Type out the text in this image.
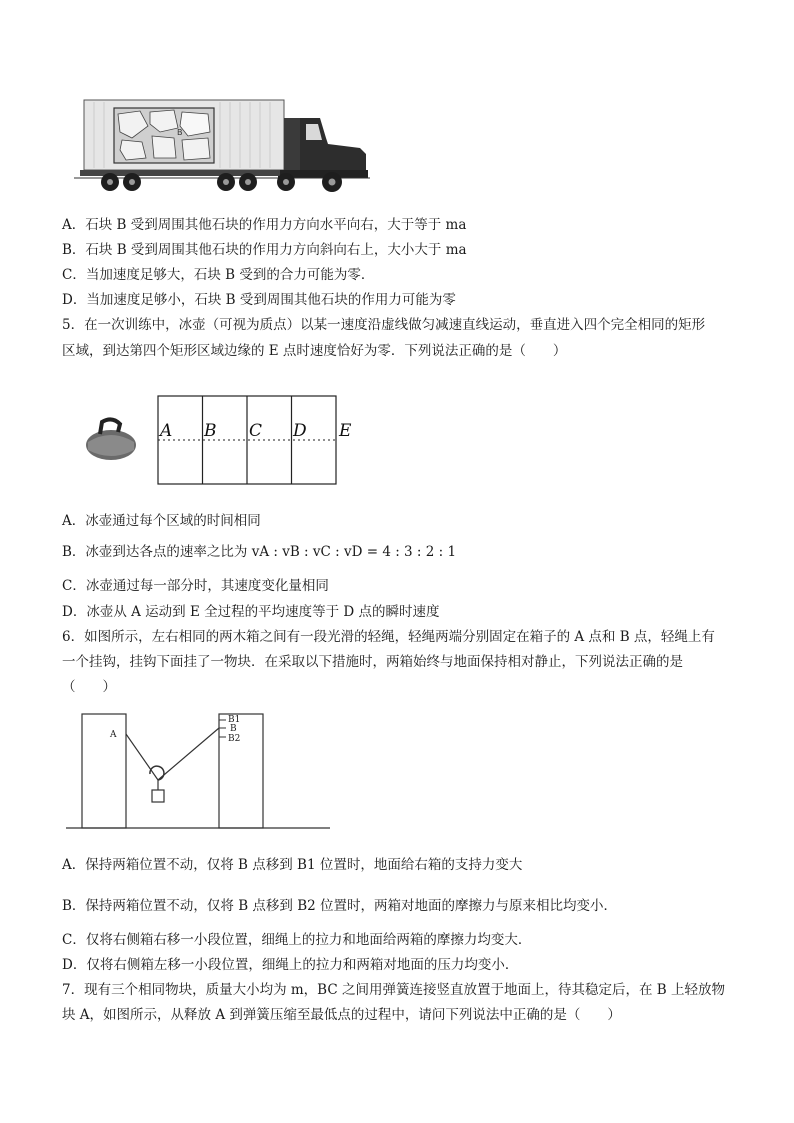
B
A．石块 B 受到周围其他石块的作用力方向水平向右，大于等于 ma
B．石块 B 受到周围其他石块的作用力方向斜向右上，大小大于 ma
C．当加速度足够大，石块 B 受到的合力可能为零．
D．当加速度足够小，石块 B 受到周围其他石块的作用力可能为零
5．在一次训练中，冰壶（可视为质点）以某一速度沿虚线做匀减速直线运动，垂直进入四个完全相同的矩形
区域，到达第四个矩形区域边缘的 E 点时速度恰好为零．下列说法正确的是（　　）
A B C D E
A．冰壶通过每个区域的时间相同
B．冰壶到达各点的速率之比为 vA : vB : vC : vD = 4 : 3 : 2 : 1
C．冰壶通过每一部分时，其速度变化量相同
D．冰壶从 A 运动到 E 全过程的平均速度等于 D 点的瞬时速度
6．如图所示，左右相同的两木箱之间有一段光滑的轻绳，轻绳两端分别固定在箱子的 A 点和 B 点，轻绳上有
一个挂钩，挂钩下面挂了一物块．在采取以下措施时，两箱始终与地面保持相对静止，下列说法正确的是
（　　）
A
B1
B
B2
A．保持两箱位置不动，仅将 B 点移到 B1 位置时，地面给右箱的支持力变大
B．保持两箱位置不动，仅将 B 点移到 B2 位置时，两箱对地面的摩擦力与原来相比均变小．
C．仅将右侧箱右移一小段位置，细绳上的拉力和地面给两箱的摩擦力均变大．
D．仅将右侧箱左移一小段位置，细绳上的拉力和两箱对地面的压力均变小．
7．现有三个相同物块，质量大小均为 m，BC 之间用弹簧连接竖直放置于地面上，待其稳定后，在 B 上轻放物
块 A，如图所示，从释放 A 到弹簧压缩至最低点的过程中，请问下列说法中正确的是（　　）
